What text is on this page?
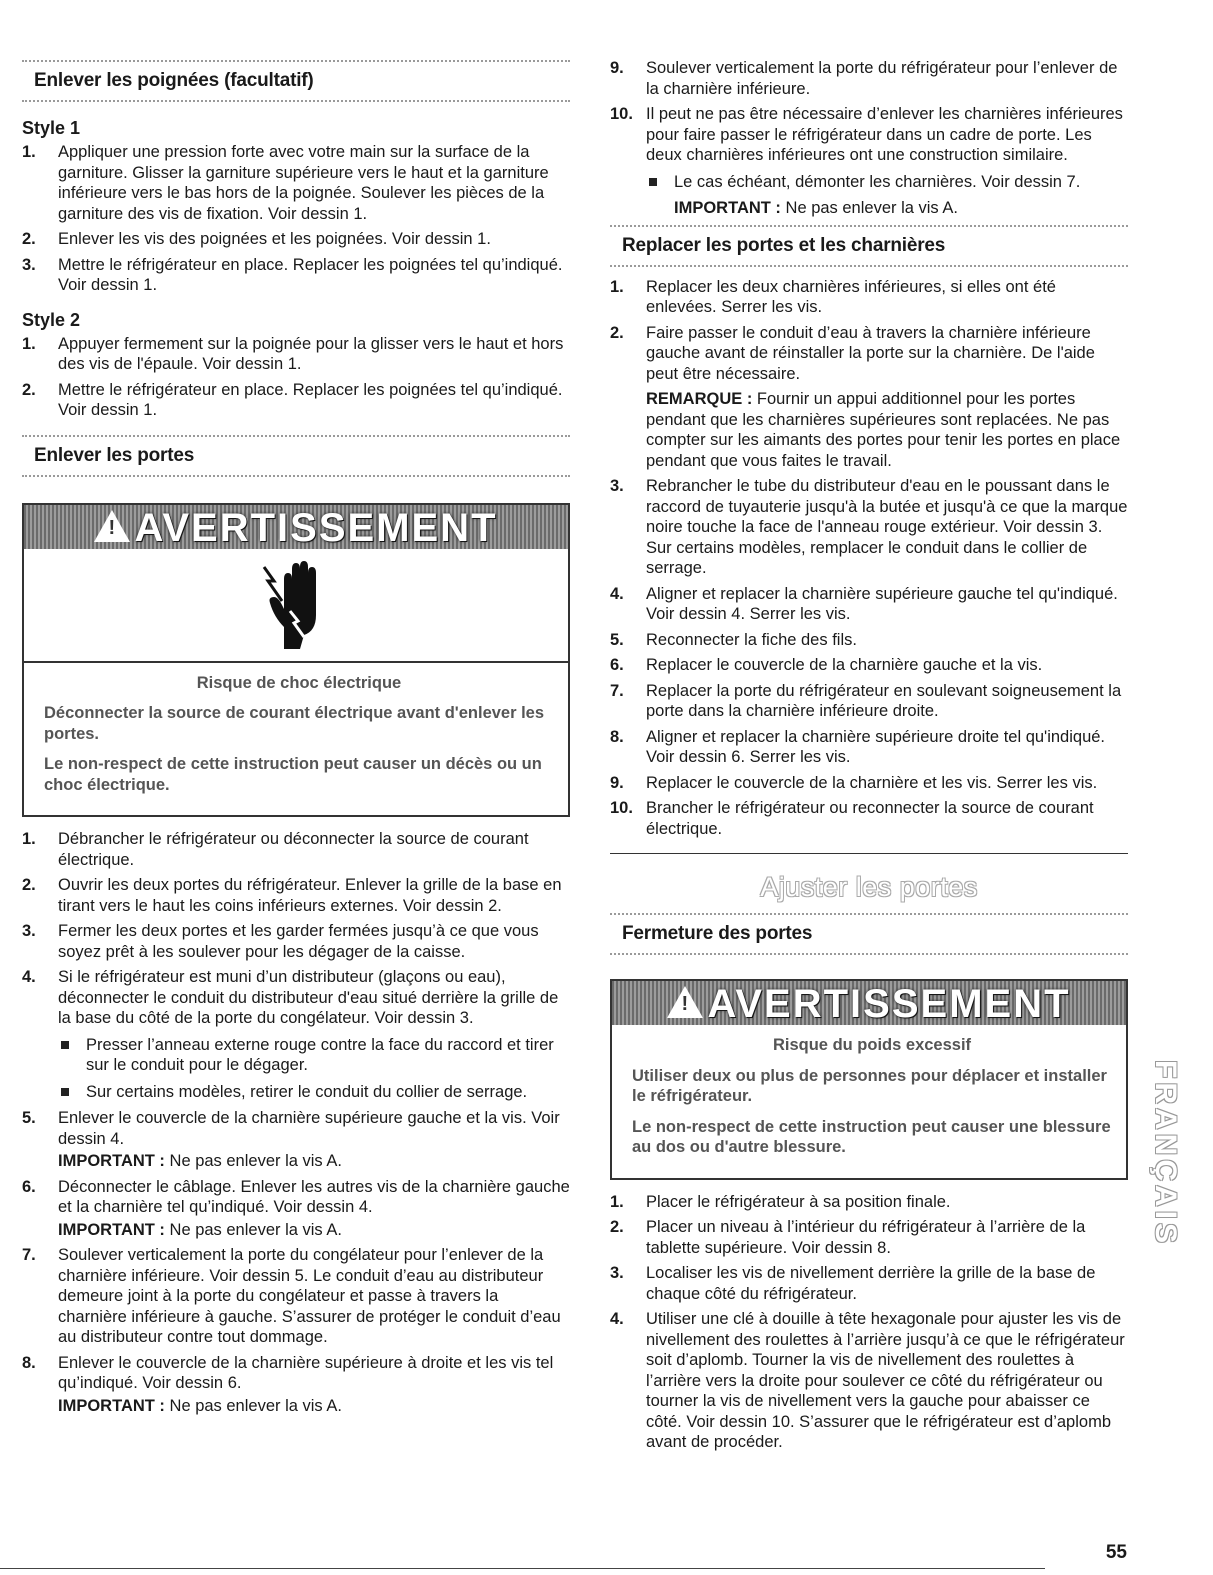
Enlever les poignées (facultatif)
Style 1
1.	Appliquer une pression forte avec votre main sur la surface de la garniture. Glisser la garniture supérieure vers le haut et la garniture inférieure vers le bas hors de la poignée. Soulever les pièces de la garniture des vis de fixation. Voir dessin 1.
2.	Enlever les vis des poignées et les poignées. Voir dessin 1.
3.	Mettre le réfrigérateur en place. Replacer les poignées tel qu’indiqué. Voir dessin 1.
Style 2
1.	Appuyer fermement sur la poignée pour la glisser vers le haut et hors des vis de l'épaule. Voir dessin 1.
2.	Mettre le réfrigérateur en place. Replacer les poignées tel qu’indiqué. Voir dessin 1.
Enlever les portes
!AVERTISSEMENT
Risque de choc électrique

Déconnecter la source de courant électrique avant d'enlever les portes.

Le non-respect de cette instruction peut causer un décès ou un choc électrique.

1.	Débrancher le réfrigérateur ou déconnecter la source de courant électrique.
2.	Ouvrir les deux portes du réfrigérateur. Enlever la grille de la base en tirant vers le haut les coins inférieurs externes. Voir dessin 2.
3.	Fermer les deux portes et les garder fermées jusqu’à ce que vous soyez prêt à les soulever pour les dégager de la caisse.
4.	Si le réfrigérateur est muni d’un distributeur (glaçons ou eau), déconnecter le conduit du distributeur d'eau situé derrière la grille de la base du côté de la porte du congélateur. Voir dessin 3.
Presser l’anneau externe rouge contre la face du raccord et tirer sur le conduit pour le dégager.
Sur certains modèles, retirer le conduit du collier de serrage.
5.	Enlever le couvercle de la charnière supérieure gauche et la vis. Voir dessin 4.
IMPORTANT : Ne pas enlever la vis A.
6.	Déconnecter le câblage. Enlever les autres vis de la charnière gauche et la charnière tel qu’indiqué. Voir dessin 4.
IMPORTANT : Ne pas enlever la vis A.
7.	Soulever verticalement la porte du congélateur pour l’enlever de la charnière inférieure. Voir dessin 5. Le conduit d’eau au distributeur demeure joint à la porte du congélateur et passe à travers la charnière inférieure à gauche. S’assurer de protéger le conduit d’eau au distributeur contre tout dommage.
8.	Enlever le couvercle de la charnière supérieure à droite et les vis tel qu’indiqué. Voir dessin 6.
IMPORTANT : Ne pas enlever la vis A.
9.	Soulever verticalement la porte du réfrigérateur pour l’enlever de la charnière inférieure.
10. Il peut ne pas être nécessaire d’enlever les charnières inférieures pour faire passer le réfrigérateur dans un cadre de porte. Les deux charnières inférieures ont une construction similaire.
Le cas échéant, démonter les charnières. Voir dessin 7.
IMPORTANT : Ne pas enlever la vis A.
Replacer les portes et les charnières
1.	Replacer les deux charnières inférieures, si elles ont été enlevées. Serrer les vis.
2.	Faire passer le conduit d’eau à travers la charnière inférieure gauche avant de réinstaller la porte sur la charnière. De l'aide peut être nécessaire.
REMARQUE : Fournir un appui additionnel pour les portes pendant que les charnières supérieures sont replacées. Ne pas compter sur les aimants des portes pour tenir les portes en place pendant que vous faites le travail.
3.	Rebrancher le tube du distributeur d'eau en le poussant dans le raccord de tuyauterie jusqu'à la butée et jusqu'à ce que la marque noire touche la face de l'anneau rouge extérieur. Voir dessin 3. Sur certains modèles, remplacer le conduit dans le collier de serrage.
4.	Aligner et replacer la charnière supérieure gauche tel qu'indiqué. Voir dessin 4. Serrer les vis.
5.	Reconnecter la fiche des fils.
6.	Replacer le couvercle de la charnière gauche et la vis.
7.	Replacer la porte du réfrigérateur en soulevant soigneusement la porte dans la charnière inférieure droite.
8.	Aligner et replacer la charnière supérieure droite tel qu'indiqué. Voir dessin 6. Serrer les vis.
9.	Replacer le couvercle de la charnière et les vis. Serrer les vis.
10. Brancher le réfrigérateur ou reconnecter la source de courant électrique.
Ajuster les portes
Fermeture des portes
!AVERTISSEMENT
Risque du poids excessif

Utiliser deux ou plus de personnes pour déplacer et installer le réfrigérateur.

Le non-respect de cette instruction peut causer une blessure au dos ou d'autre blessure.

1.	Placer le réfrigérateur à sa position finale.
2.	Placer un niveau à l’intérieur du réfrigérateur à l’arrière de la tablette supérieure. Voir dessin 8.
3.	Localiser les vis de nivellement derrière la grille de la base de chaque côté du réfrigérateur.
4.	Utiliser une clé à douille à tête hexagonale pour ajuster les vis de nivellement des roulettes à l’arrière jusqu’à ce que le réfrigérateur soit d’aplomb. Tourner la vis de nivellement des roulettes à l’arrière vers la droite pour soulever ce côté du réfrigérateur ou tourner la vis de nivellement vers la gauche pour abaisser ce côté. Voir dessin 10. S’assurer que le réfrigérateur est d’aplomb avant de procéder.
FRANÇAIS
55
